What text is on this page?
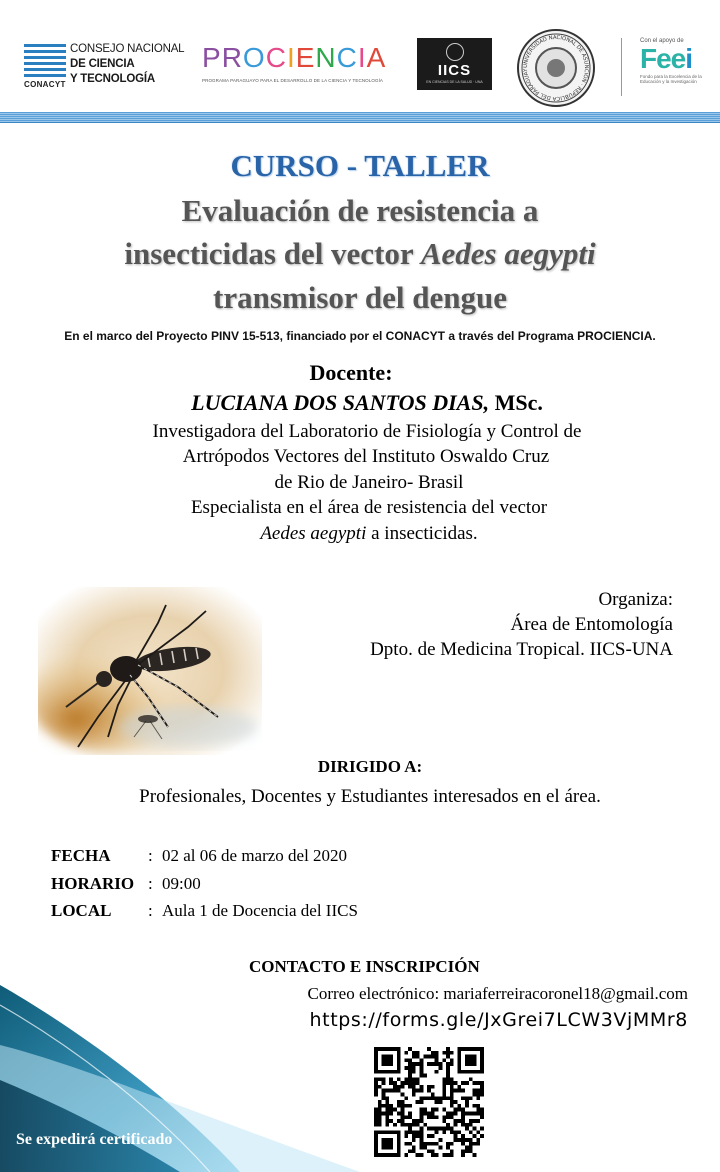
CONACYT
CONSEJO NACIONAL
DE CIENCIA
Y TECNOLOGÍA
PROCIENCIA
PROGRAMA PARAGUAYO PARA EL DESARROLLO DE LA CIENCIA Y TECNOLOGÍA
IICS
EN CIENCIAS DE LA SALUD · UNA
UNIVERSIDAD NACIONAL DE ASUNCIÓN · REPÚBLICA DEL PARAGUAY
Con el apoyo de
Feei
Fondo para la Excelencia de la Educación y la Investigación
CURSO - TALLER
Evaluación de resistencia a
insecticidas del vector Aedes aegypti
transmisor del dengue
En el marco del Proyecto PINV 15-513, financiado por el CONACYT a través del Programa PROCIENCIA.
Docente:
LUCIANA DOS SANTOS DIAS, MSc.
Investigadora del Laboratorio de Fisiología y Control de
Artrópodos Vectores del Instituto Oswaldo Cruz
de Rio de Janeiro- Brasil
Especialista en el área de resistencia del vector
Aedes aegypti a insecticidas.
Organiza:
Área de Entomología
Dpto. de Medicina Tropical. IICS-UNA
DIRIGIDO A:
Profesionales, Docentes y Estudiantes interesados en el área.
FECHA : 02 al 06 de marzo del 2020
HORARIO : 09:00
LOCAL : Aula 1 de Docencia del IICS
Se expedirá certificado
CONTACTO E INSCRIPCIÓN
Correo electrónico: mariaferreiracoronel18@gmail.com
https://forms.gle/JxGrei7LCW3VjMMr8
